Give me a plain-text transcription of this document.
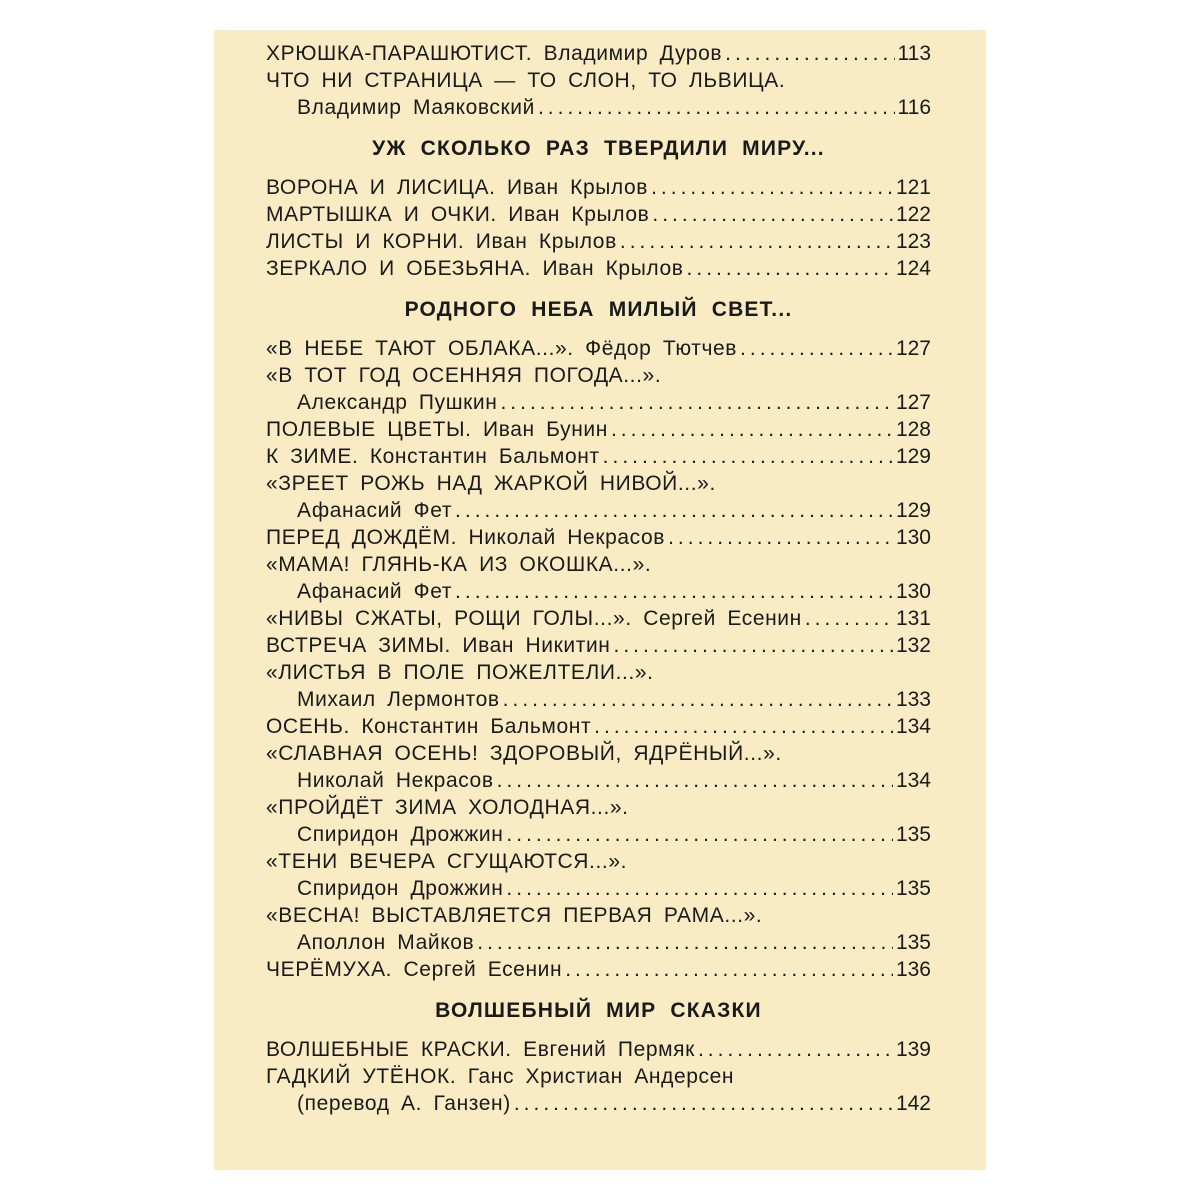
ХРЮШКА-ПАРАШЮТИСТ. Владимир Дуров .....	113
ЧТО НИ СТРАНИЦА — ТО СЛОН, ТО ЛЬВИЦА.
Владимир Маяковский .....	116
УЖ СКОЛЬКО РАЗ ТВЕРДИЛИ МИРУ...
ВОРОНА И ЛИСИЦА. Иван Крылов .....	121
МАРТЫШКА И ОЧКИ. Иван Крылов .....	122
ЛИСТЫ И КОРНИ. Иван Крылов .....	123
ЗЕРКАЛО И ОБЕЗЬЯНА. Иван Крылов .....	124
РОДНОГО НЕБА МИЛЫЙ СВЕТ...
«В НЕБЕ ТАЮТ ОБЛАКА...». Фёдор Тютчев .....	127
«В ТОТ ГОД ОСЕННЯЯ ПОГОДА...».
Александр Пушкин .....	127
ПОЛЕВЫЕ ЦВЕТЫ. Иван Бунин .....	128
К ЗИМЕ. Константин Бальмонт .....	129
«ЗРЕЕТ РОЖЬ НАД ЖАРКОЙ НИВОЙ...».
Афанасий Фет .....	129
ПЕРЕД ДОЖДЁМ. Николай Некрасов .....	130
«МАМА! ГЛЯНЬ-КА ИЗ ОКОШКА...».
Афанасий Фет .....	130
«НИВЫ СЖАТЫ, РОЩИ ГОЛЫ...». Сергей Есенин .....	131
ВСТРЕЧА ЗИМЫ. Иван Никитин .....	132
«ЛИСТЬЯ В ПОЛЕ ПОЖЕЛТЕЛИ...».
Михаил Лермонтов .....	133
ОСЕНЬ. Константин Бальмонт .....	134
«СЛАВНАЯ ОСЕНЬ! ЗДОРОВЫЙ, ЯДРЁНЫЙ...».
Николай Некрасов .....	134
«ПРОЙДЁТ ЗИМА ХОЛОДНАЯ...».
Спиридон Дрожжин .....	135
«ТЕНИ ВЕЧЕРА СГУЩАЮТСЯ...».
Спиридон Дрожжин .....	135
«ВЕСНА! ВЫСТАВЛЯЕТСЯ ПЕРВАЯ РАМА...».
Аполлон Майков .....	135
ЧЕРЁМУХА. Сергей Есенин .....	136
ВОЛШЕБНЫЙ МИР СКАЗКИ
ВОЛШЕБНЫЕ КРАСКИ. Евгений Пермяк .....	139
ГАДКИЙ УТЁНОК. Ганс Христиан Андерсен
(перевод А. Ганзен) .....	142
